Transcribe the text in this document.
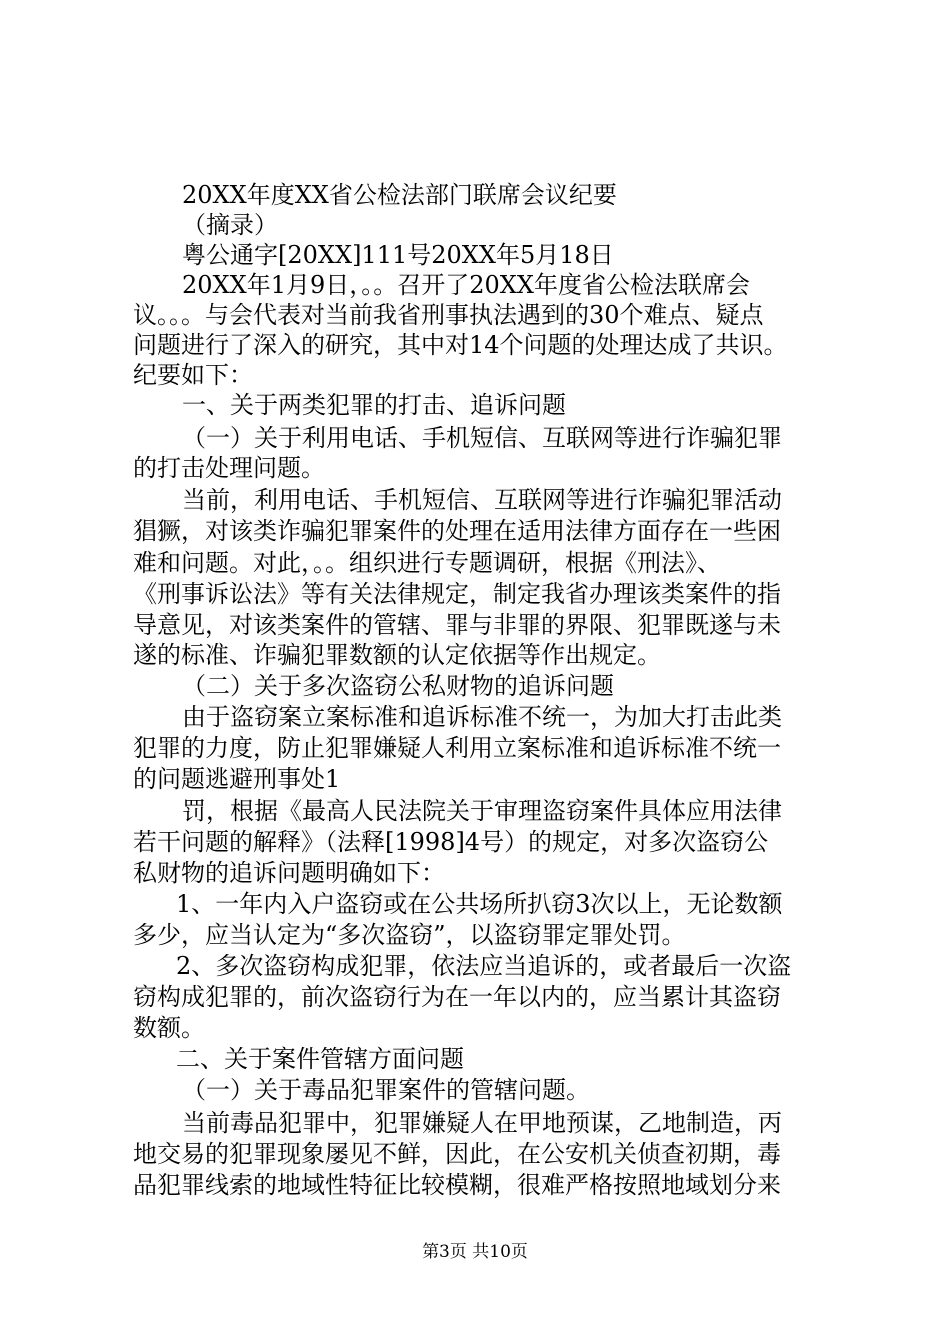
20XX年度XX省公检法部门联席会议纪要
（摘录）
粤公通字[20XX]111号20XX年5月18日
20XX年1月9日，。。召开了20XX年度省公检法联席会
议。。。与会代表对当前我省刑事执法遇到的30个难点、疑点
问题进行了深入的研究，其中对14个问题的处理达成了共识。
纪要如下：
一、关于两类犯罪的打击、追诉问题
（一）关于利用电话、手机短信、互联网等进行诈骗犯罪
的打击处理问题。
当前，利用电话、手机短信、互联网等进行诈骗犯罪活动
猖獗，对该类诈骗犯罪案件的处理在适用法律方面存在一些困
难和问题。对此，。。组织进行专题调研，根据《刑法》、
《刑事诉讼法》等有关法律规定，制定我省办理该类案件的指
导意见，对该类案件的管辖、罪与非罪的界限、犯罪既遂与未
遂的标准、诈骗犯罪数额的认定依据等作出规定。
（二）关于多次盗窃公私财物的追诉问题
由于盗窃案立案标准和追诉标准不统一，为加大打击此类
犯罪的力度，防止犯罪嫌疑人利用立案标准和追诉标准不统一
的问题逃避刑事处1
罚，根据《最高人民法院关于审理盗窃案件具体应用法律
若干问题的解释》（法释[1998]4号）的规定，对多次盗窃公
私财物的追诉问题明确如下：
1、一年内入户盗窃或在公共场所扒窃3次以上，无论数额
多少，应当认定为“多次盗窃”，以盗窃罪定罪处罚。
2、多次盗窃构成犯罪，依法应当追诉的，或者最后一次盗
窃构成犯罪的，前次盗窃行为在一年以内的，应当累计其盗窃
数额。
二、关于案件管辖方面问题
（一）关于毒品犯罪案件的管辖问题。
当前毒品犯罪中，犯罪嫌疑人在甲地预谋，乙地制造，丙
地交易的犯罪现象屡见不鲜，因此，在公安机关侦查初期，毒
品犯罪线索的地域性特征比较模糊，很难严格按照地域划分来
第3页 共10页
